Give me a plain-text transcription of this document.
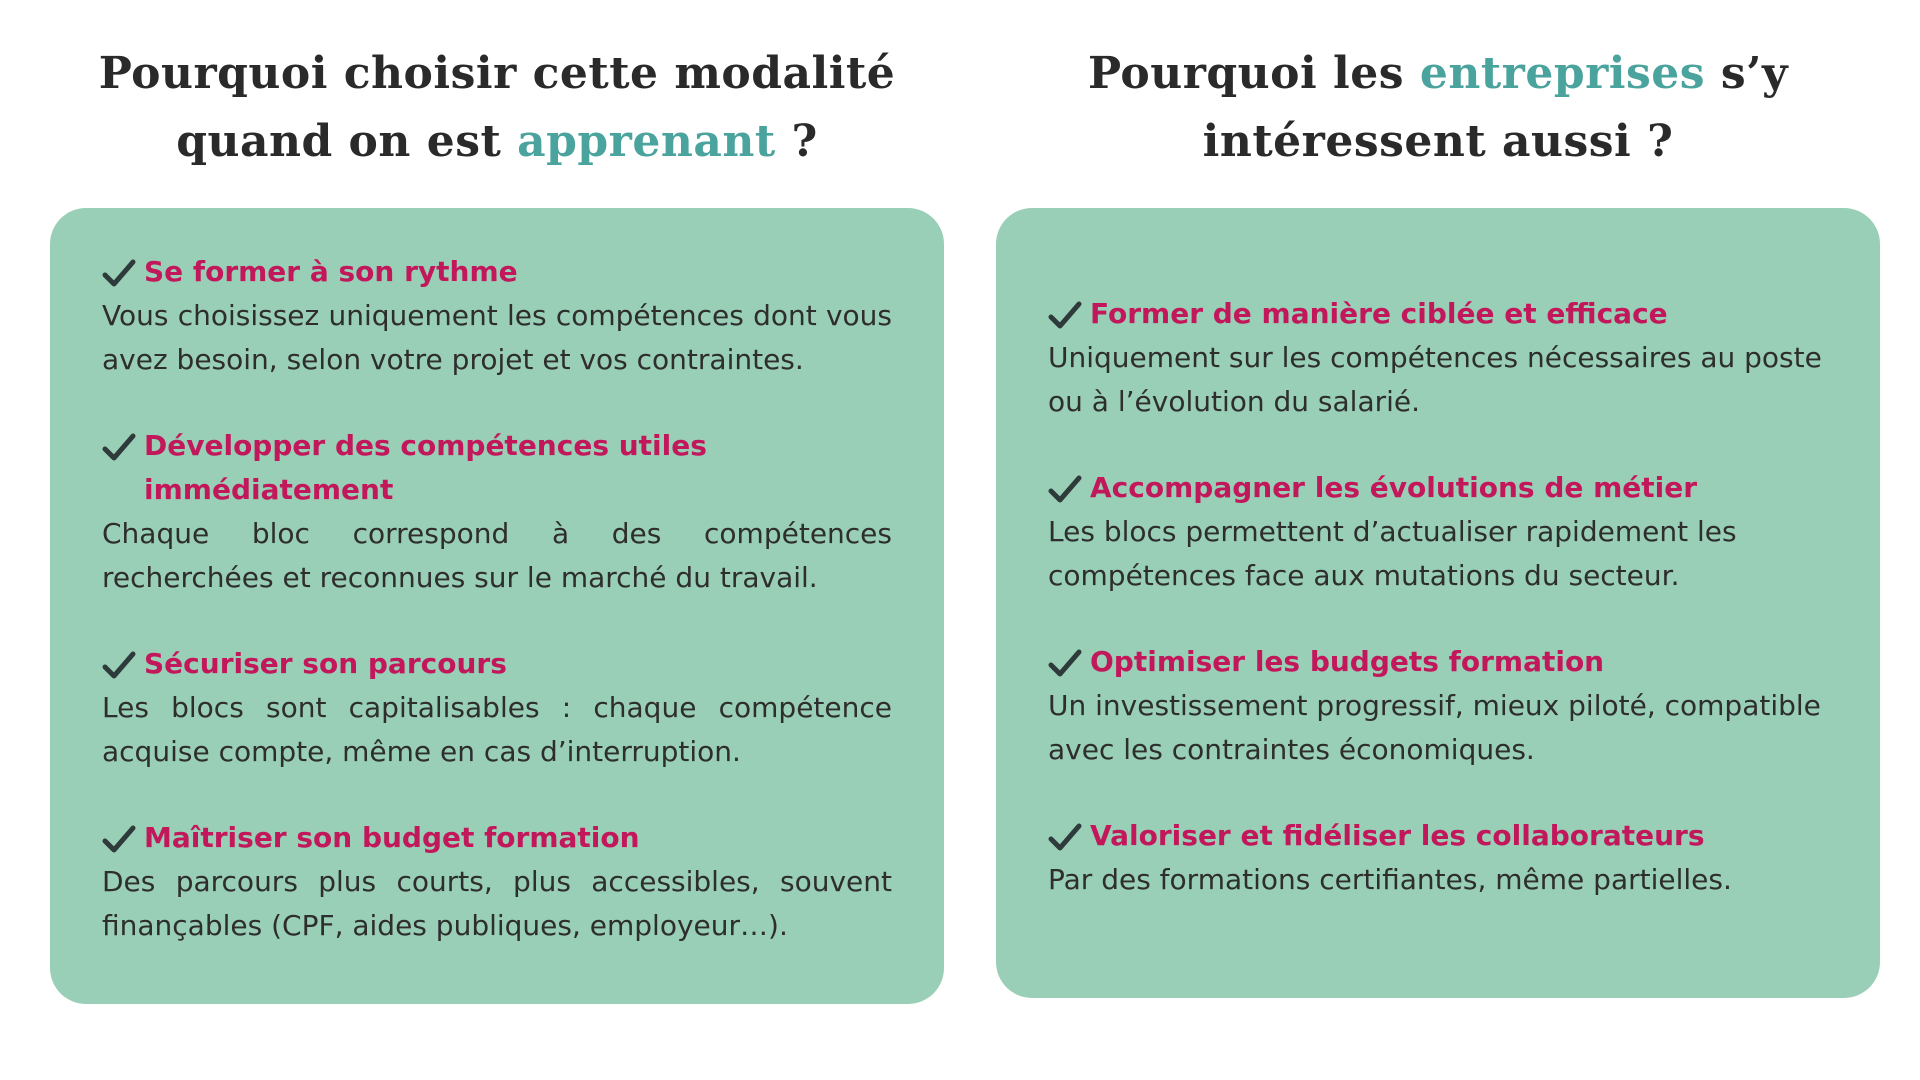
Pourquoi choisir cette modalité
quand on est apprenant ?
Se former à son rythme

Vous choisissez uniquement les compétences dont vous avez besoin, selon votre projet et vos contraintes.

Développer des compétences utiles immédiatement

Chaque bloc correspond à des compétences recherchées et reconnues sur le marché du travail.

Sécuriser son parcours

Les blocs sont capitalisables : chaque compétence acquise compte, même en cas d’interruption.

Maîtriser son budget formation

Des parcours plus courts, plus accessibles, souvent finançables (CPF, aides publiques, employeur…).

Pourquoi les entreprises s’y
intéressent aussi ?
Former de manière ciblée et efficace

Uniquement sur les compétences nécessaires au poste ou à l’évolution du salarié.

Accompagner les évolutions de métier

Les blocs permettent d’actualiser rapidement les compétences face aux mutations du secteur.

Optimiser les budgets formation

Un investissement progressif, mieux piloté, compatible avec les contraintes économiques.

Valoriser et fidéliser les collaborateurs

Par des formations certifiantes, même partielles.
